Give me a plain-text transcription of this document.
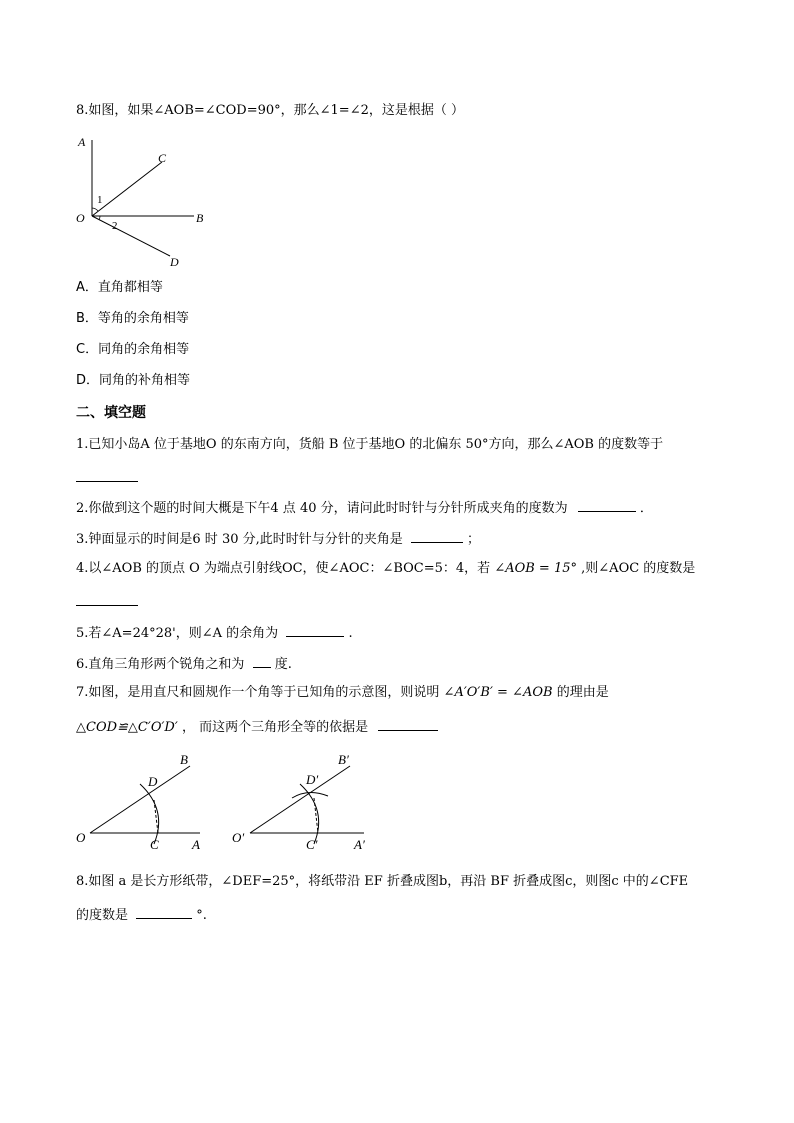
8.如图，如果∠AOB=∠COD=90°，那么∠1=∠2，这是根据（ ）
A
C
O	B
D
1
2
A．直角都相等
B．等角的余角相等
C．同角的余角相等
D．同角的补角相等
二、填空题
1.已知小岛A 位于基地O 的东南方向，货船 B 位于基地O 的北偏东 50°方向，那么∠AOB 的度数等于
2.你做到这个题的时间大概是下午4 点 40 分，请问此时时针与分针所成夹角的度数为	．
3.钟面显示的时间是6 时 30 分,此时时针与分针的夹角是	；
4.以∠AOB 的顶点 O 为端点引射线OC，使∠AOC：∠BOC=5：4，若 ∠AOB = 15° ,则∠AOC 的度数是
5.若∠A=24°28'，则∠A 的余角为	.
6.直角三角形两个锐角之和为 度.
7.如图，是用直尺和圆规作一个角等于已知角的示意图，则说明 ∠A′O′B′ = ∠AOB 的理由是
△COD≌△C′O′D′ ， 而这两个三角形全等的依据是
B
D
O	C	A
B′
D′
O′	C′	A′
8.如图 a 是长方形纸带，∠DEF=25°，将纸带沿 EF 折叠成图b，再沿 BF 折叠成图c，则图c 中的∠CFE
的度数是	°.
